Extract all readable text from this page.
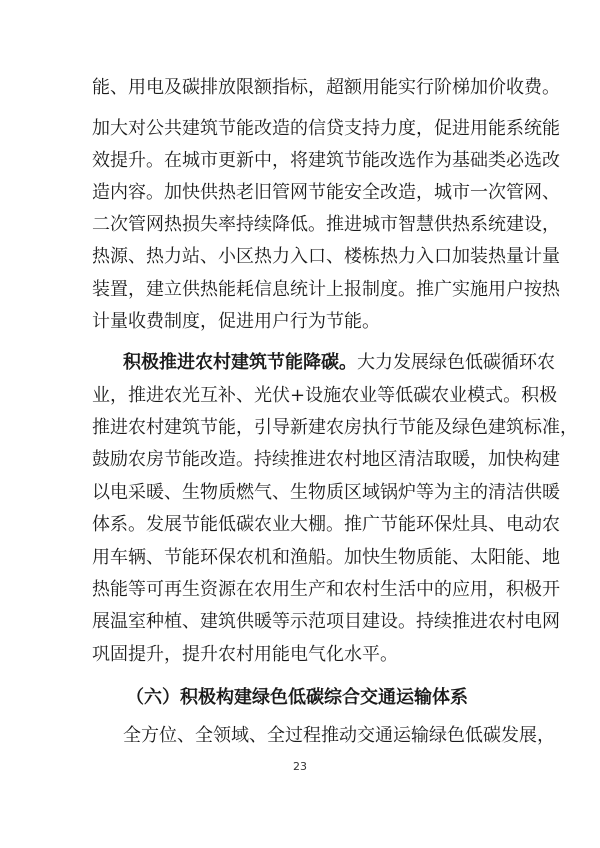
能、用电及碳排放限额指标，超额用能实行阶梯加价收费。
加大对公共建筑节能改造的信贷支持力度，促进用能系统能
效提升。在城市更新中，将建筑节能改选作为基础类必选改
造内容。加快供热老旧管网节能安全改造，城市一次管网、
二次管网热损失率持续降低。推进城市智慧供热系统建设，
热源、热力站、小区热力入口、楼栋热力入口加装热量计量
装置，建立供热能耗信息统计上报制度。推广实施用户按热
计量收费制度，促进用户行为节能。
积极推进农村建筑节能降碳。大力发展绿色低碳循环农
业，推进农光互补、光伏+设施农业等低碳农业模式。积极
推进农村建筑节能，引导新建农房执行节能及绿色建筑标准，
鼓励农房节能改造。持续推进农村地区清洁取暖，加快构建
以电采暖、生物质燃气、生物质区域锅炉等为主的清洁供暖
体系。发展节能低碳农业大棚。推广节能环保灶具、电动农
用车辆、节能环保农机和渔船。加快生物质能、太阳能、地
热能等可再生资源在农用生产和农村生活中的应用，积极开
展温室种植、建筑供暖等示范项目建设。持续推进农村电网
巩固提升，提升农村用能电气化水平。
（六）积极构建绿色低碳综合交通运输体系
全方位、全领域、全过程推动交通运输绿色低碳发展，
23
